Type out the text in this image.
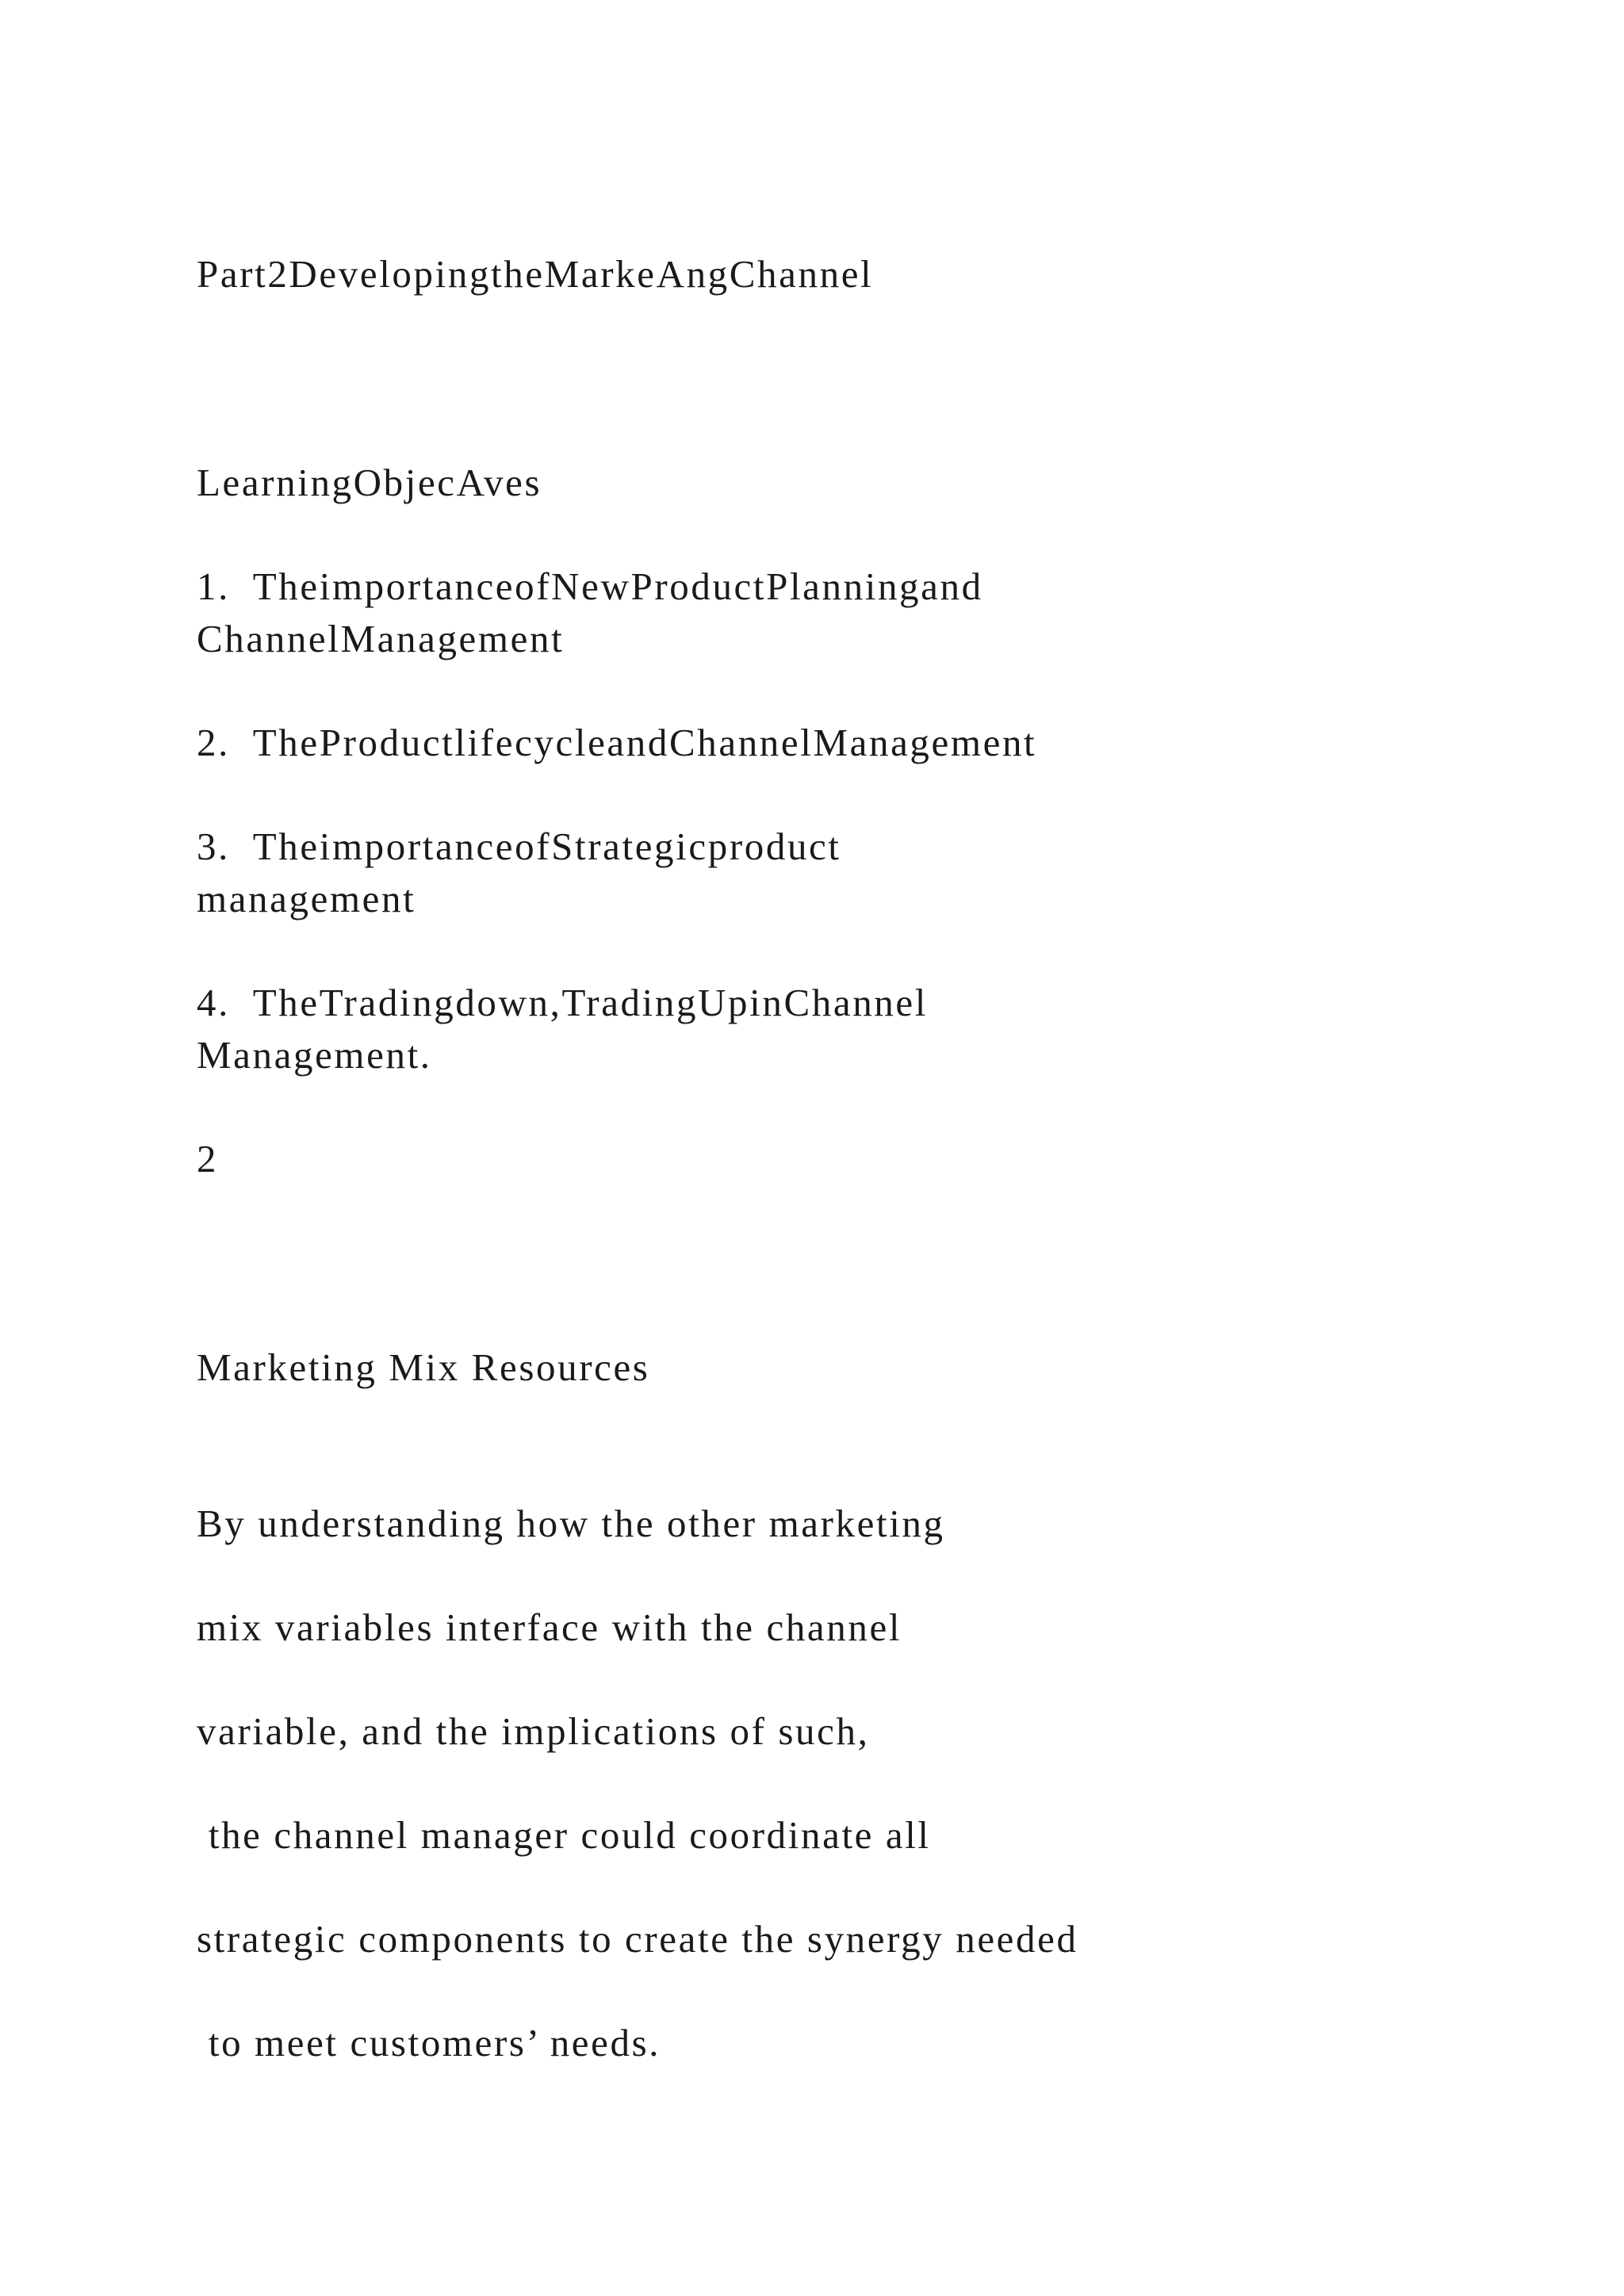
Part2DevelopingtheMarkeAngChannel

LearningObjecAves

1.  TheimportanceofNewProductPlanningand

ChannelManagement

2.  TheProductlifecycleandChannelManagement

3.  TheimportanceofStrategicproduct

management

4.  TheTradingdown,TradingUpinChannel

Management.

2

Marketing Mix Resources

By understanding how the other marketing

mix variables interface with the channel

variable, and the implications of such,

the channel manager could coordinate all

strategic components to create the synergy needed

to meet customers’ needs.
